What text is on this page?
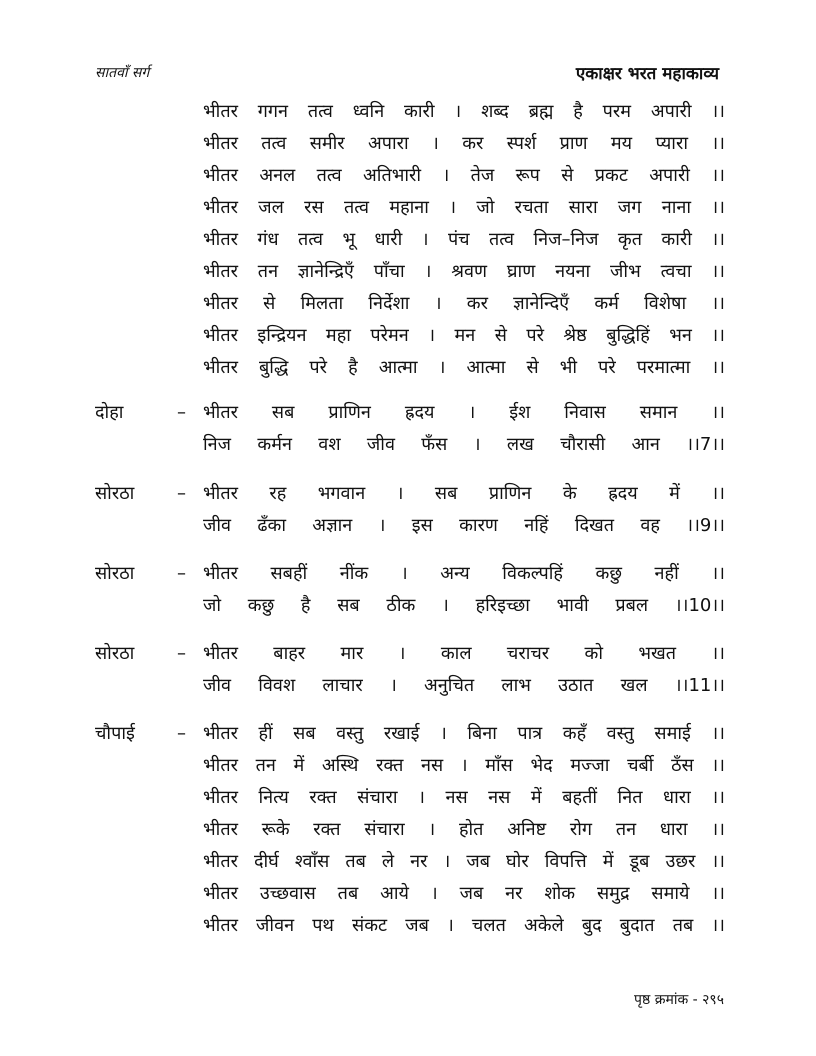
सातवाँ सर्ग	एकाक्षर भरत महाकाव्य
भीतर गगन तत्व ध्वनि कारी । शब्द ब्रह्म है परम अपारी ।।
भीतर तत्व समीर अपारा । कर स्पर्श प्राण मय प्यारा ।।
भीतर अनल तत्व अतिभारी । तेज रूप से प्रकट अपारी ।।
भीतर जल रस तत्व महाना । जो रचता सारा जग नाना ।।
भीतर गंध तत्व भू धारी । पंच तत्व निज–निज कृत कारी ।।
भीतर तन ज्ञानेन्द्रिएँ पाँचा । श्रवण घ्राण नयना जीभ त्वचा ।।
भीतर से मिलता निर्देशा । कर ज्ञानेन्दिएँ कर्म विशेषा ।।
भीतर इन्द्रियन महा परेमन । मन से परे श्रेष्ठ बुद्धिहिं भन ।।
भीतर बुद्धि परे है आत्मा । आत्मा से भी परे परमात्मा ।।
दोहा	– भीतर सब प्राणिन ह्रदय । ईश निवास समान ।।
निज कर्मन वश जीव फँस । लख चौरासी आन ।।7।।
सोरठा – भीतर रह भगवान । सब प्राणिन के ह्रदय में ।।
जीव ढँका अज्ञान । इस कारण नहिं दिखत वह ।।9।।
सोरठा – भीतर सबहीं नींक । अन्य विकल्पहिं कछु नहीं ।।
जो कछु है सब ठीक । हरिइच्छा भावी प्रबल ।।10।।
सोरठा – भीतर बाहर मार । काल चराचर को भखत ।।
जीव विवश लाचार । अनुचित लाभ उठात खल ।।11।।
चौपाई – भीतर हीं सब वस्तु रखाई । बिना पात्र कहँ वस्तु समाई ।।
भीतर तन में अस्थि रक्त नस । माँस भेद मज्जा चर्बी ठँस ।।
भीतर नित्य रक्त संचारा । नस नस में बहतीं नित धारा ।।
भीतर रूके रक्त संचारा । होत अनिष्ट रोग तन धारा ।।
भीतर दीर्घ श्वाँस तब ले नर । जब घोर विपत्ति में डूब उछर ।।
भीतर उच्छवास तब आये । जब नर शोक समुद्र समाये ।।
भीतर जीवन पथ संकट जब । चलत अकेले बुद बुदात तब ।।
पृष्ठ क्रमांक - २९५
